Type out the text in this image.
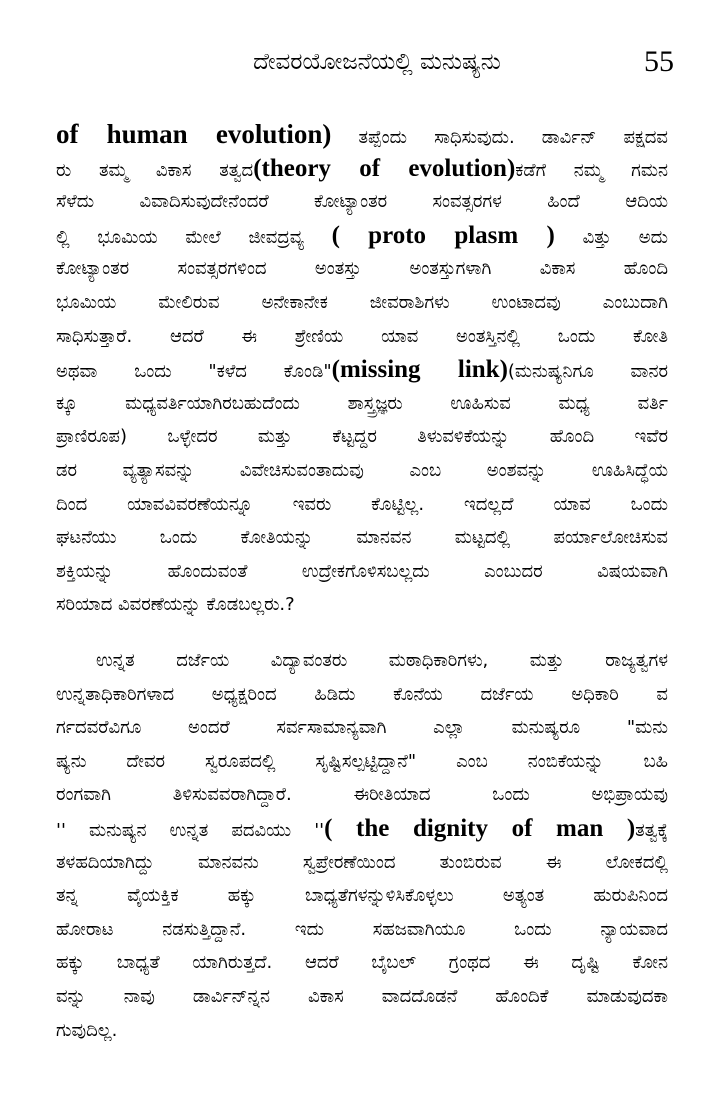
ದೇವರಯೋಜನೆಯಲ್ಲಿ ಮನುಷ್ಯನು	55
of human evolution) ತಪ್ಪೆಂದು ಸಾಧಿಸುವುದು. ಡಾರ್ವಿನ್ ಪಕ್ಷದವ
ರು ತಮ್ಮ ವಿಕಾಸ ತತ್ವದ(theory of evolution)ಕಡೆಗೆ ನಮ್ಮ ಗಮನ
ಸೆಳೆದು ವಿವಾದಿಸುವುದೇನೆಂದರೆ ಕೋಟ್ಯಾಂತರ ಸಂವತ್ಸರಗಳ ಹಿಂದೆ ಆದಿಯ
ಲ್ಲಿ ಭೂಮಿಯ ಮೇಲೆ ಜೀವದ್ರವ್ಯ ( proto plasm ) ವಿತ್ತು ಅದು
ಕೋಟ್ಯಾಂತರ ಸಂವತ್ಸರಗಳಿಂದ ಅಂತಸ್ತು ಅಂತಸ್ತುಗಳಾಗಿ ವಿಕಾಸ ಹೊಂದಿ
ಭೂಮಿಯ ಮೇಲಿರುವ ಅನೇಕಾನೇಕ ಜೀವರಾಶಿಗಳು ಉಂಟಾದವು ಎಂಬುದಾಗಿ
ಸಾಧಿಸುತ್ತಾರೆ. ಆದರೆ ಈ ಶ್ರೇಣಿಯ ಯಾವ ಅಂತಸ್ತಿನಲ್ಲಿ ಒಂದು ಕೋತಿ
ಅಥವಾ ಒಂದು "ಕಳೆದ ಕೊಂಡಿ"(missing link)(ಮನುಷ್ಯನಿಗೂ ವಾನರ
ಕ್ಕೂ ಮಧ್ಯವರ್ತಿಯಾಗಿರಬಹುದೆಂದು ಶಾಸ್ತ್ರಜ್ಞರು ಊಹಿಸುವ ಮಧ್ಯ ವರ್ತಿ
ಪ್ರಾಣಿರೂಪ) ಒಳ್ಳೇದರ ಮತ್ತು ಕೆಟ್ಟದ್ದರ ತಿಳುವಳಿಕೆಯನ್ನು ಹೊಂದಿ ಇವೆರ
ಡರ ವ್ಯತ್ಯಾಸವನ್ನು ವಿವೇಚಿಸುವಂತಾದುವು ಎಂಬ ಅಂಶವನ್ನು ಊಹಿಸಿದ್ಧೆಯ
ದಿಂದ ಯಾವವಿವರಣೆಯನ್ನೂ ಇವರು ಕೊಟ್ಟಿಲ್ಲ. ಇದಲ್ಲದೆ ಯಾವ ಒಂದು
ಘಟನೆಯು ಒಂದು ಕೋತಿಯನ್ನು ಮಾನವನ ಮಟ್ಟದಲ್ಲಿ ಪರ್ಯಾಲೋಚಿಸುವ
ಶಕ್ತಿಯನ್ನು ಹೊಂದುವಂತೆ ಉದ್ರೇಕಗೊಳಿಸಬಲ್ಲದು ಎಂಬುದರ ವಿಷಯವಾಗಿ
ಸರಿಯಾದ ವಿವರಣೆಯನ್ನು ಕೊಡಬಲ್ಲರು.?
ಉನ್ನತ ದರ್ಜೆಯ ವಿದ್ಯಾವಂತರು ಮಠಾಧಿಕಾರಿಗಳು, ಮತ್ತು ರಾಜ್ಯತ್ವಗಳ
ಉನ್ನತಾಧಿಕಾರಿಗಳಾದ ಅಧ್ಯಕ್ಷರಿಂದ ಹಿಡಿದು ಕೊನೆಯ ದರ್ಜೆಯ ಅಧಿಕಾರಿ ವ
ರ್ಗದವರೆವಿಗೂ ಅಂದರೆ ಸರ್ವಸಾಮಾನ್ಯವಾಗಿ ಎಲ್ಲಾ ಮನುಷ್ಯರೂ "ಮನು
ಷ್ಯನು ದೇವರ ಸ್ವರೂಪದಲ್ಲಿ ಸೃಷ್ಟಿಸಲ್ಪಟ್ಟಿದ್ದಾನೆ" ಎಂಬ ನಂಬಿಕೆಯನ್ನು ಬಹಿ
ರಂಗವಾಗಿ ತಿಳಿಸುವವರಾಗಿದ್ದಾರೆ. ಈರೀತಿಯಾದ ಒಂದು ಅಭಿಪ್ರಾಯವು
'' ಮನುಷ್ಯನ ಉನ್ನತ ಪದವಿಯು ''( the dignity of man )ತತ್ವಕ್ಕೆ
ತಳಹದಿಯಾಗಿದ್ದು ಮಾನವನು ಸ್ವಪ್ರೇರಣೆಯಿಂದ ತುಂಬಿರುವ ಈ ಲೋಕದಲ್ಲಿ
ತನ್ನ ವೈಯಕ್ತಿಕ ಹಕ್ಕು ಬಾಧ್ಯತೆಗಳನ್ನುಳಿಸಿಕೊಳ್ಳಲು ಅತ್ಯಂತ ಹುರುಪಿನಿಂದ
ಹೋರಾಟ ನಡಸುತ್ತಿದ್ದಾನೆ. ಇದು ಸಹಜವಾಗಿಯೂ ಒಂದು ನ್ಯಾಯವಾದ
ಹಕ್ಕು ಬಾಧ್ಯತೆ ಯಾಗಿರುತ್ತದೆ. ಆದರೆ ಬೈಬಲ್ ಗ್ರಂಥದ ಈ ದೃಷ್ಟಿ ಕೋನ
ವನ್ನು ನಾವು ಡಾರ್ವಿನ್‌ನ್ನನ ವಿಕಾಸ ವಾದದೊಡನೆ ಹೊಂದಿಕೆ ಮಾಡುವುದಕಾ
ಗುವುದಿಲ್ಲ.
